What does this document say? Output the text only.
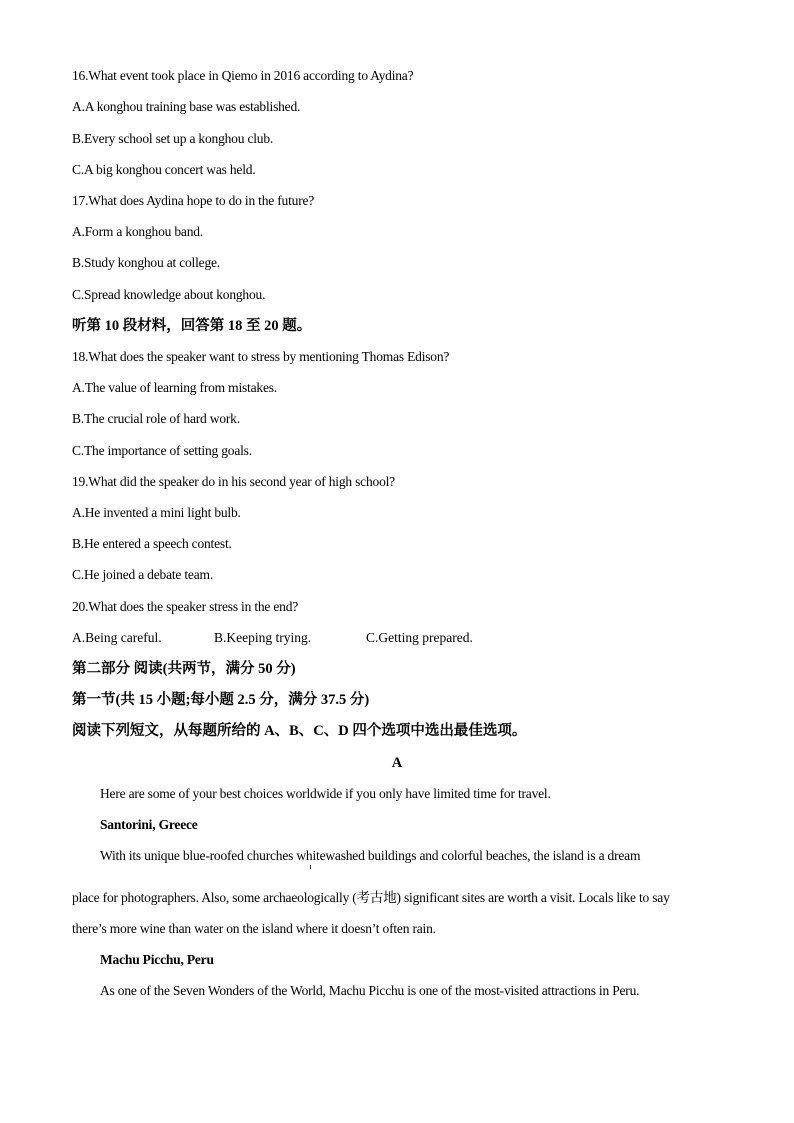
16.What event took place in Qiemo in 2016 according to Aydina?
A.A konghou training base was established.
B.Every school set up a konghou club.
C.A big konghou concert was held.
17.What does Aydina hope to do in the future?
A.Form a konghou band.
B.Study konghou at college.
C.Spread knowledge about konghou.
听第 10 段材料，回答第 18 至 20 题。
18.What does the speaker want to stress by mentioning Thomas Edison?
A.The value of learning from mistakes.
B.The crucial role of hard work.
C.The importance of setting goals.
19.What did the speaker do in his second year of high school?
A.He invented a mini light bulb.
B.He entered a speech contest.
C.He joined a debate team.
20.What does the speaker stress in the end?
A.Being careful.	B.Keeping trying.	C.Getting prepared.
第二部分 阅读(共两节，满分 50 分)
第一节(共 15 小题;每小题 2.5 分，满分 37.5 分)
阅读下列短文，从每题所给的 A、B、C、D 四个选项中选出最佳选项。
A
Here are some of your best choices worldwide if you only have limited time for travel.
Santorini, Greece
With its unique blue-roofed churches whitewashed buildings and colorful beaches, the island is a dream
place for photographers. Also, some archaeologically (考古地) significant sites are worth a visit. Locals like to say
there’s more wine than water on the island where it doesn’t often rain.
Machu Picchu, Peru
As one of the Seven Wonders of the World, Machu Picchu is one of the most-visited attractions in Peru.
